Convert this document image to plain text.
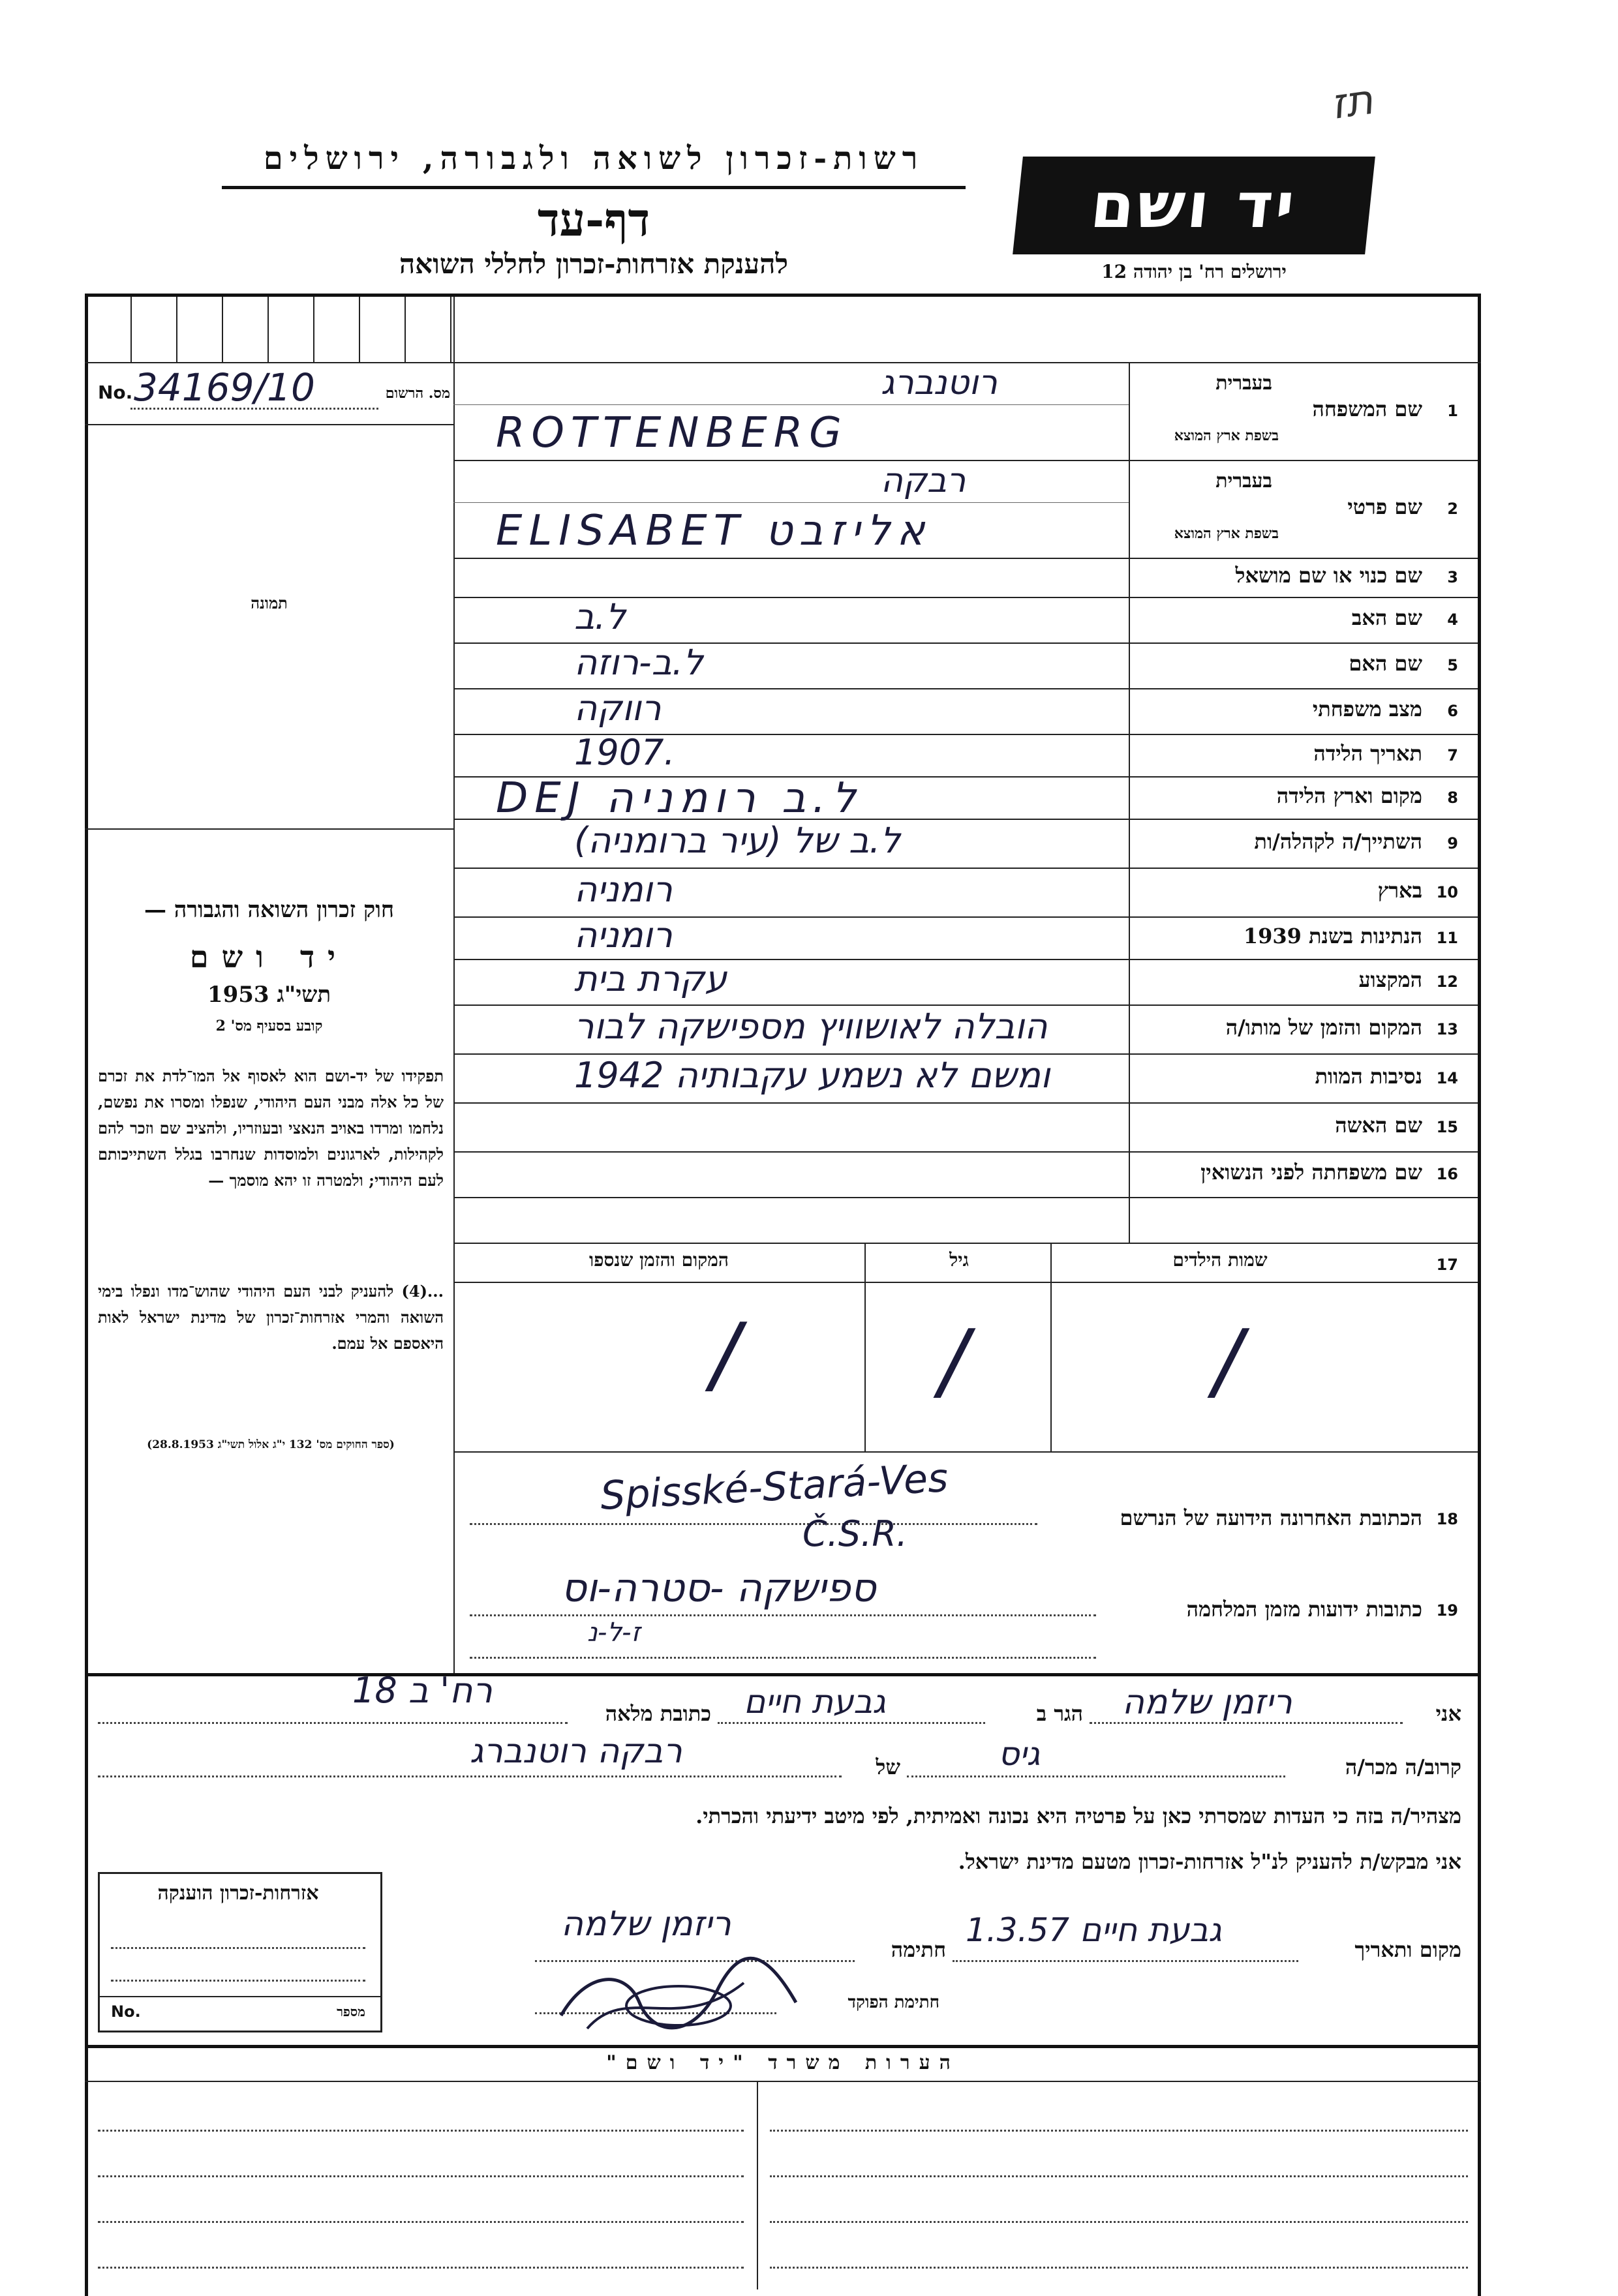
תז
רשות-זכרון לשואה ולגבורה, ירושלים
דף-עד
להענקת אזרחות-זכרון לחללי השואה
יד ושם
ירושלים רח' בן יהודה 12
No. 34169/10	מס. הרשום
תמונה
חוק זכרון השואה והגבורה —
יד ושם
תשי"ג 1953
קובע בסעיף מס' 2
תפקידו של יד-ושם הוא לאסוף אל המו־לדת את זכרם של כל אלה מבני העם היהודי, שנפלו ומסרו את נפשם, נלחמו ומרדו באויב הנאצי ובעוזריו, ולהציב שם וזכר להם לקהילות, לארגונים ולמוסדות שנחרבו בגלל השתייכותם לעם היהודי; ולמטרה זו יהא מוסמך —
...(4) להעניק לבני העם היהודי שהוש־מדו ונפלו בימי השואה והמרי אזרחות־זכרון של מדינת ישראל לאות היאספם אל עמם.
(ספר החוקים מס' 132 י"ג אלול תשי"ג 28.8.1953)
1
שם המשפחה
בעברית
בשפת ארץ המוצא
רוטנברג
ROTTENBERG
2
שם פרטי
בעברית
בשפת ארץ המוצא
רבקה
ELISABET אליזבט
3
שם כנוי או שם מושאל
4
שם האב
ל.ב
5
שם האם
ל.ב-רוזה
6
מצב משפחתי
רווקה
7
תאריך הלידה
1907.
8
מקום וארץ הלידה
DEJ ל.ב רומניה
9
השתייך/ה לקהלה/ות
ל.ב של (עיר ברומניה)
10
בארץ
רומניה
11
הנתינות בשנת 1939
רומניה
12
המקצוע
עקרת בית
13
המקום והזמן של מותו/ה
הובלה לאושוויץ מספישקה לבור
14
נסיבות המוות
ומשם לא נשמע עקבותיה 1942
15
שם האשה
16
שם משפחתה לפני הנשואין
17
שמות הילדים
גיל
המקום והזמן שנספו
/
/
/
18
הכתובת האחרונה הידועה של הנרשם
Spisské-Stará-Ves
Č.S.R.
19
כתובות ידועות מזמן המלחמה
ספישקה -סטרה-וס
ז-ל-נ
אני
ריזמן שלמה
הגר ב
גבעת חיים
כתובת מלאה
רח' ב 18
קרוב/ה מכר/ה
גיס
של
רבקה רוטנברג
מצהיר/ה בזה כי העדות שמסרתי כאן על פרטיה היא נכונה ואמיתית, לפי מיטב ידיעתי והכרתי.
אני מבקש/ת להעניק לנ"ל אזרחות-זכרון מטעם מדינת ישראל.
מקום ותאריך
גבעת חיים 1.3.57
חתימה
ריזמן שלמה
חתימת הפוקד
אזרחות-זכרון הוענקה
No.	מספר
הערות משרד "יד ושם"
